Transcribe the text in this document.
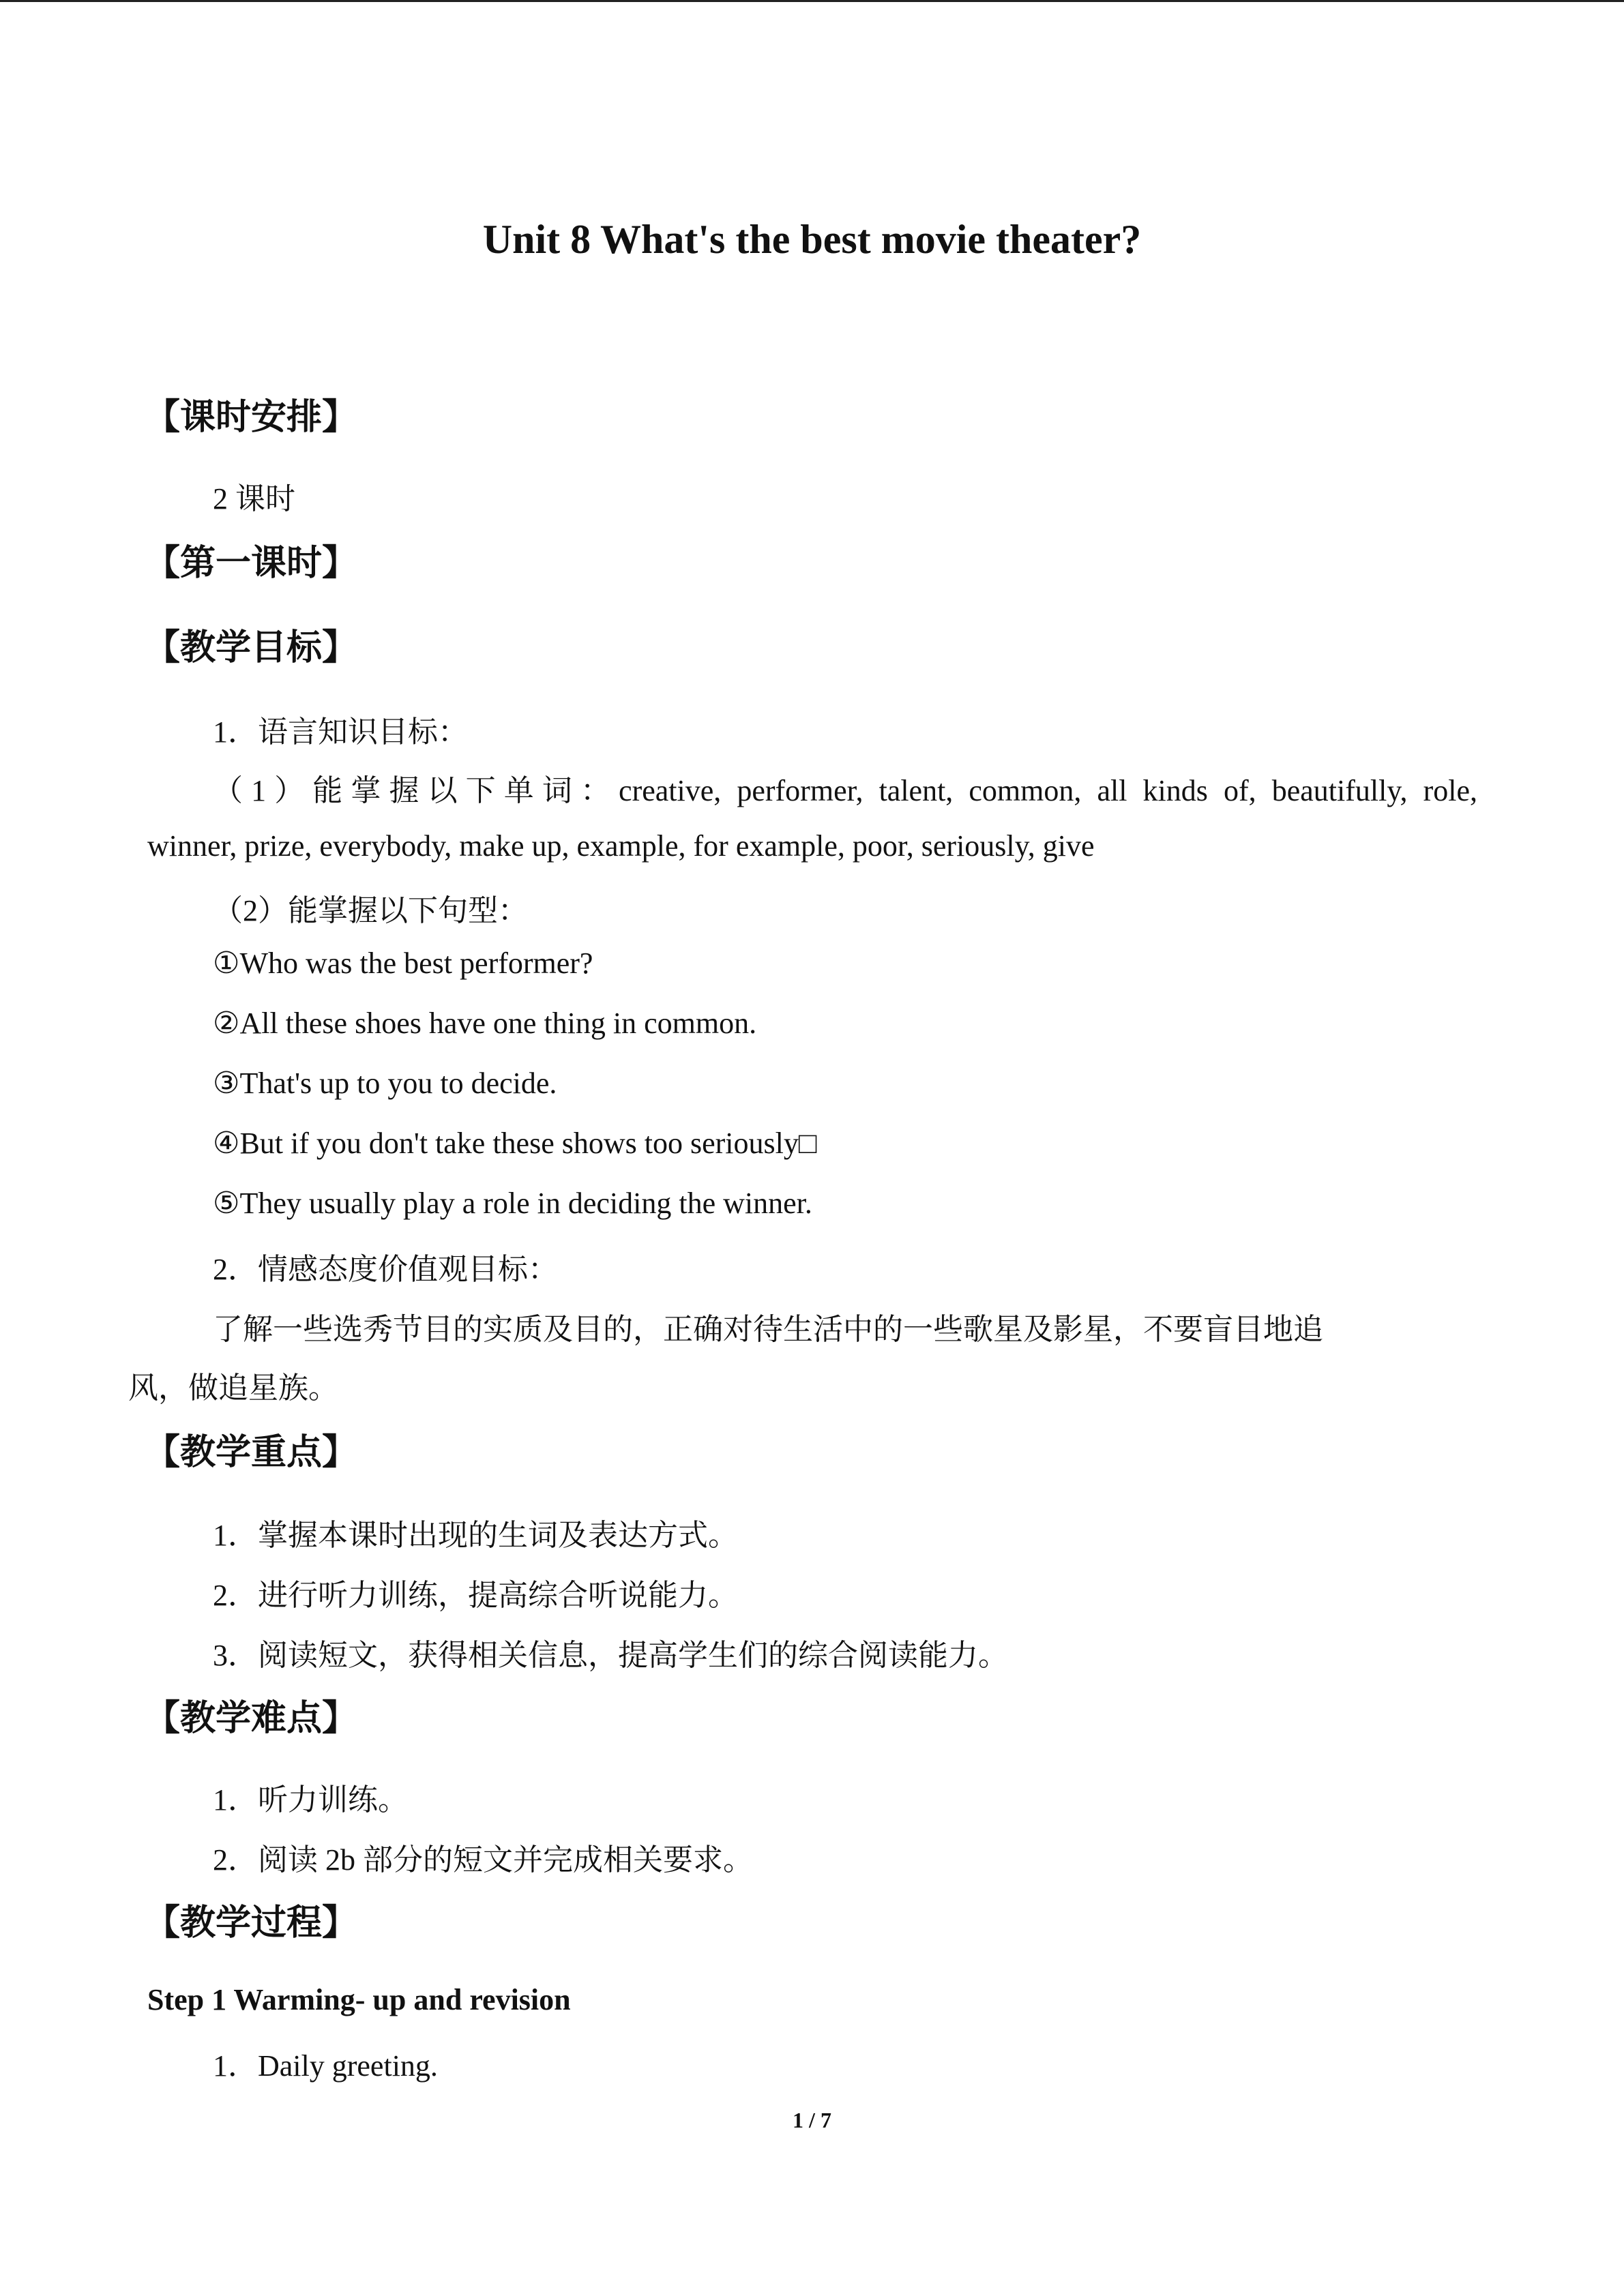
Unit 8 What's the best movie theater?
【课时安排】
2 课时
【第一课时】
【教学目标】
1．语言知识目标：
（1）能掌握以下单词：creative, performer, talent, common, all kinds of, beautifully, role,
winner, prize, everybody, make up, example, for example, poor, seriously, give
（2）能掌握以下句型：
①Who was the best performer?
②All these shoes have one thing in common.
③That's up to you to decide.
④But if you don't take these shows too seriously□
⑤They usually play a role in deciding the winner.
2．情感态度价值观目标：
了解一些选秀节目的实质及目的，正确对待生活中的一些歌星及影星，不要盲目地追
风，做追星族。
【教学重点】
1．掌握本课时出现的生词及表达方式。
2．进行听力训练，提高综合听说能力。
3．阅读短文，获得相关信息，提高学生们的综合阅读能力。
【教学难点】
1．听力训练。
2．阅读 2b 部分的短文并完成相关要求。
【教学过程】
Step 1 Warming- up and revision
1．Daily greeting.
1 / 7
